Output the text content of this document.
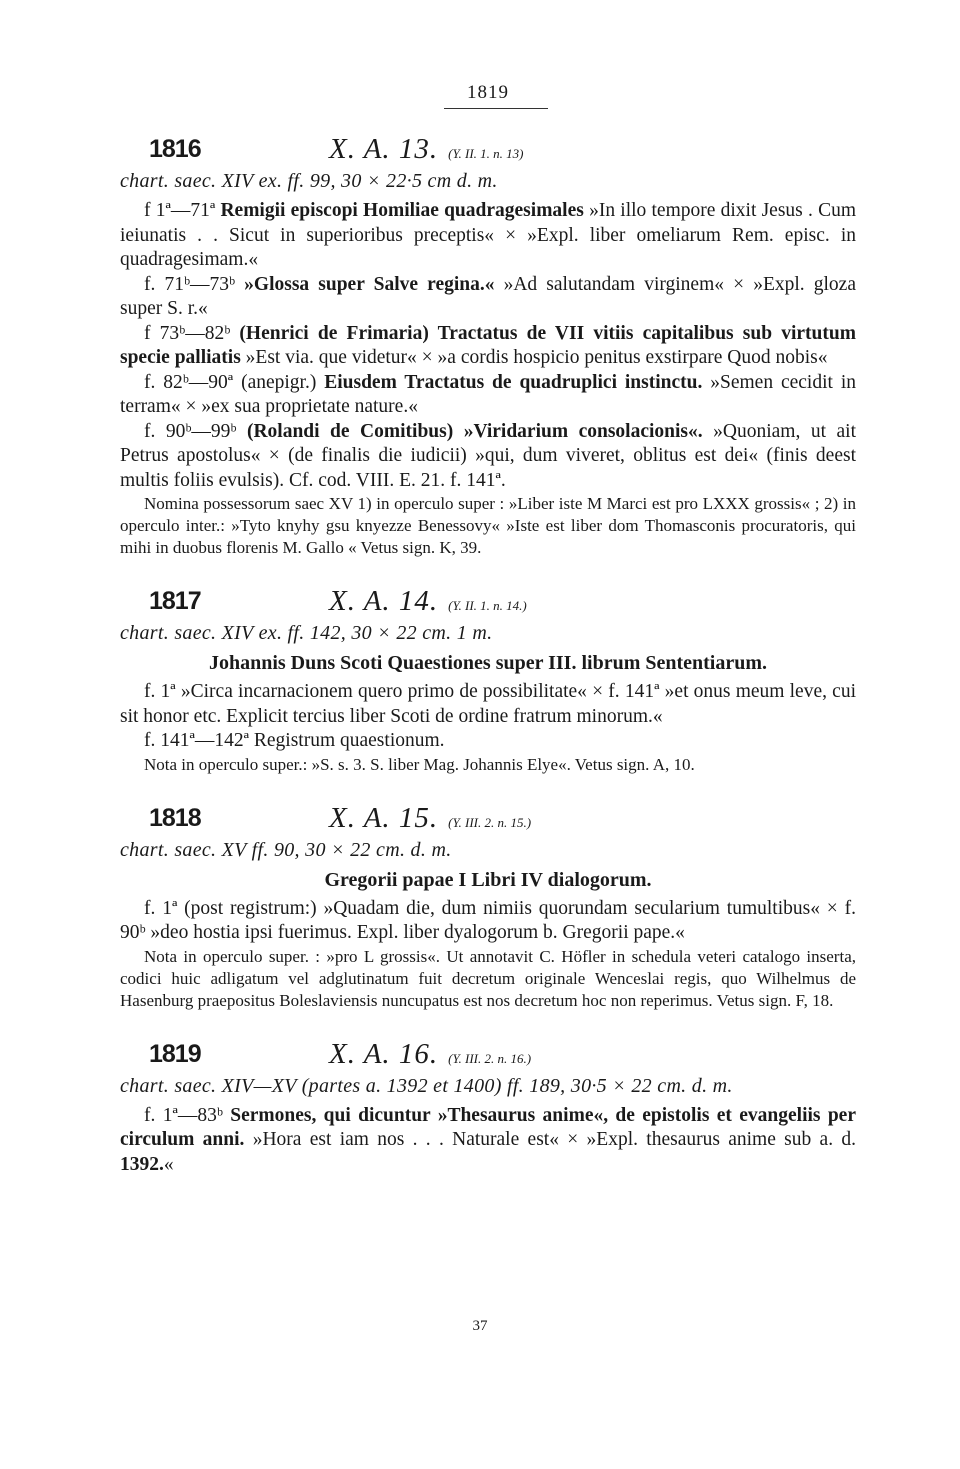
1819
1816	X. A. 13. (Y. II. 1. n. 13)
chart. saec. XIV ex. ff. 99, 30 × 22·5 cm d. m.

f 1ª—71ª Remigii episcopi Homiliae quadragesimales »In illo tempore dixit Jesus . Cum ieiunatis . . Sicut in superioribus preceptis« × »Expl. liber omeliarum Rem. episc. in quadragesimam.«

f. 71ᵇ—73ᵇ »Glossa super Salve regina.« »Ad salutandam virginem« × »Expl. gloza super S. r.«

f 73ᵇ—82ᵇ (Henrici de Frimaria) Tractatus de VII vitiis capitalibus sub virtutum specie palliatis »Est via. que videtur« × »a cordis hospicio penitus exstirpare Quod nobis«

f. 82ᵇ—90ª (anepigr.) Eiusdem Tractatus de quadruplici instinctu. »Semen cecidit in terram« × »ex sua proprietate nature.«

f. 90ᵇ—99ᵇ (Rolandi de Comitibus) »Viridarium consolacionis«. »Quoniam, ut ait Petrus apostolus« × (de finalis die iudicii) »qui, dum viveret, oblitus est dei« (finis deest multis foliis evulsis). Cf. cod. VIII. E. 21. f. 141ª.

Nomina possessorum saec XV 1) in operculo super : »Liber iste M Marci est pro LXXX grossis« ; 2) in operculo inter.: »Tyto knyhy gsu knyezze Benessovy« »Iste est liber dom Thomasconis procuratoris, qui mihi in duobus florenis M. Gallo « Vetus sign. K, 39.

1817	X. A. 14. (Y. II. 1. n. 14.)
chart. saec. XIV ex. ff. 142, 30 × 22 cm. 1 m.
Johannis Duns Scoti Quaestiones super III. librum Sententiarum.

f. 1ª »Circa incarnacionem quero primo de possibilitate« × f. 141ª »et onus meum leve, cui sit honor etc. Explicit tercius liber Scoti de ordine fratrum minorum.«

f. 141ª—142ª Registrum quaestionum.

Nota in operculo super.: »S. s. 3. S. liber Mag. Johannis Elye«. Vetus sign. A, 10.

1818	X. A. 15. (Y. III. 2. n. 15.)
chart. saec. XV ff. 90, 30 × 22 cm. d. m.
Gregorii papae I Libri IV dialogorum.

f. 1ª (post registrum:) »Quadam die, dum nimiis quorundam secularium tumultibus« × f. 90ᵇ »deo hostia ipsi fuerimus. Expl. liber dyalogorum b. Gregorii pape.«

Nota in operculo super. : »pro L grossis«. Ut annotavit C. Höfler in schedula veteri catalogo inserta, codici huic adligatum vel adglutinatum fuit decretum originale Wenceslai regis, quo Wilhelmus de Hasenburg praepositus Boleslaviensis nuncupatus est nos decretum hoc non reperimus. Vetus sign. F, 18.

1819	X. A. 16. (Y. III. 2. n. 16.)
chart. saec. XIV—XV (partes a. 1392 et 1400) ff. 189, 30·5 × 22 cm. d. m.

f. 1ª—83ᵇ Sermones, qui dicuntur »Thesaurus anime«, de epistolis et evangeliis per circulum anni. »Hora est iam nos . . . Naturale est« × »Expl. thesaurus anime sub a. d. 1392.«

37
